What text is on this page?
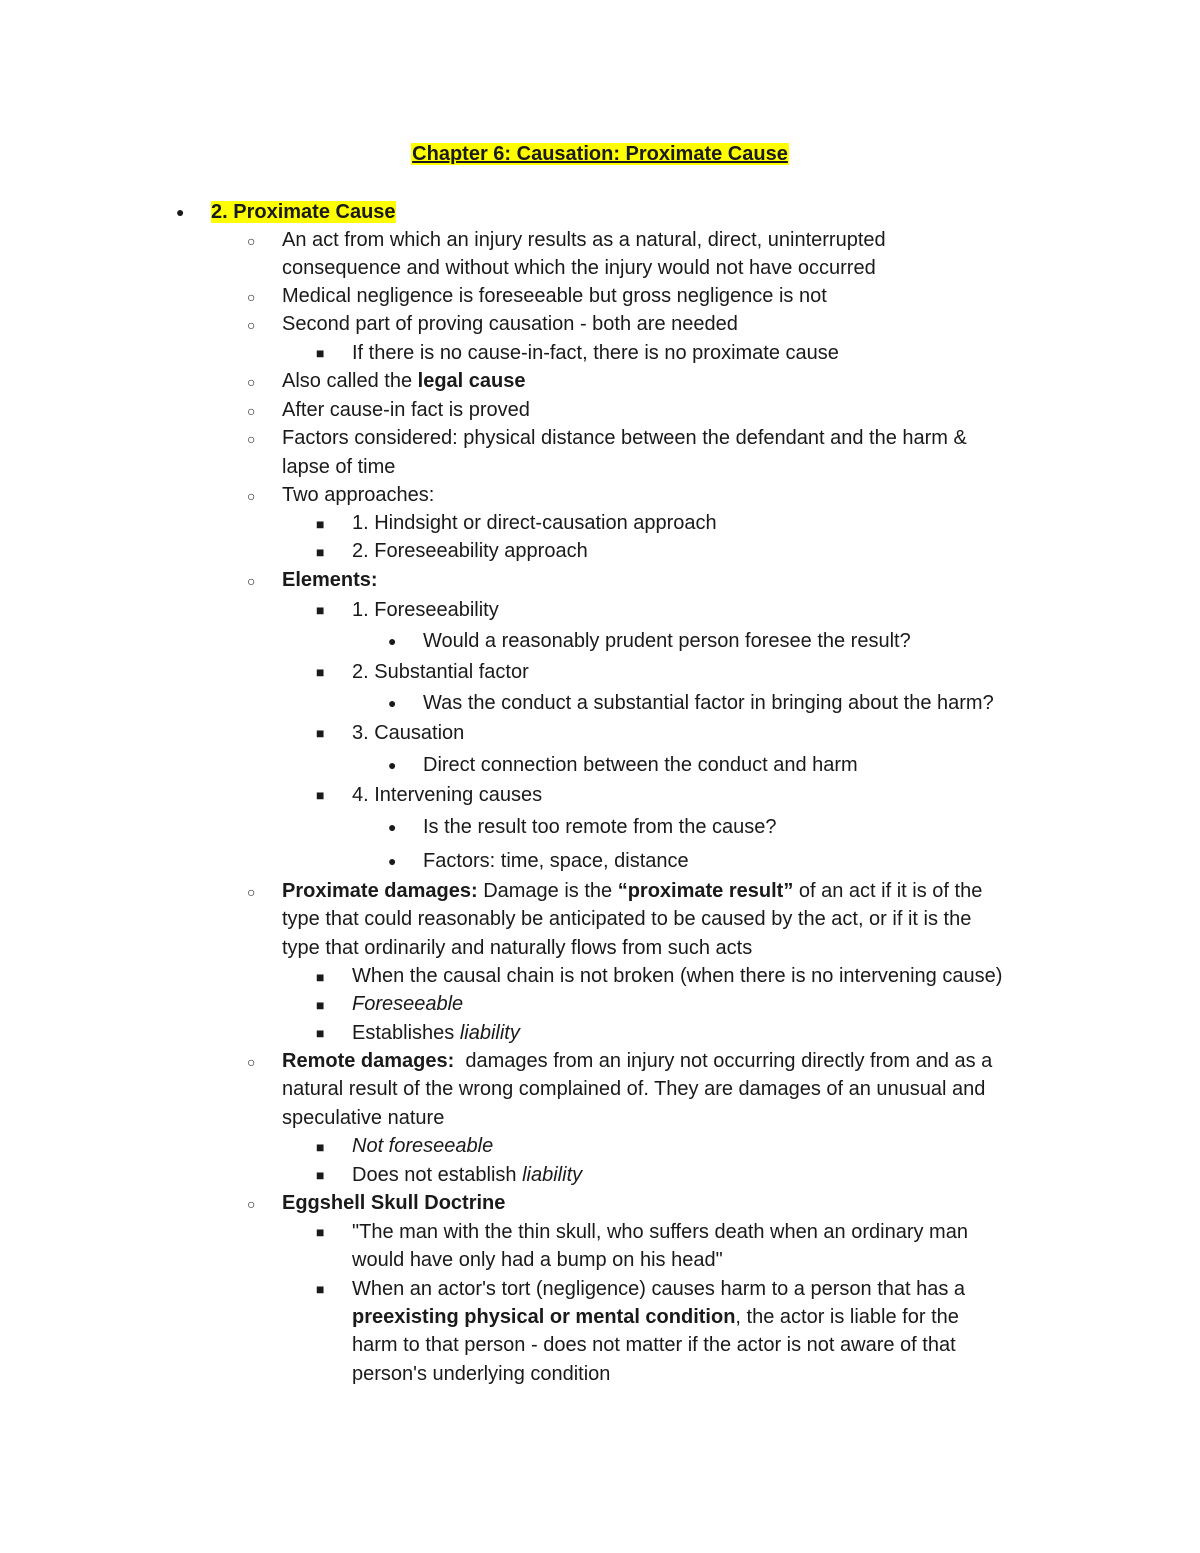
Chapter 6: Causation: Proximate Cause
● 2. Proximate Cause
○ An act from which an injury results as a natural, direct, uninterrupted
consequence and without which the injury would not have occurred
○ Medical negligence is foreseeable but gross negligence is not
○ Second part of proving causation - both are needed
■ If there is no cause-in-fact, there is no proximate cause
○ Also called the legal cause
○ After cause-in fact is proved
○ Factors considered: physical distance between the defendant and the harm &
lapse of time
○ Two approaches:
■ 1. Hindsight or direct-causation approach
■ 2. Foreseeability approach
○ Elements:
■ 1. Foreseeability
● Would a reasonably prudent person foresee the result?
■ 2. Substantial factor
● Was the conduct a substantial factor in bringing about the harm?
■ 3. Causation
● Direct connection between the conduct and harm
■ 4. Intervening causes
● Is the result too remote from the cause?
● Factors: time, space, distance
○ Proximate damages: Damage is the “proximate result” of an act if it is of the
type that could reasonably be anticipated to be caused by the act, or if it is the
type that ordinarily and naturally flows from such acts
■ When the causal chain is not broken (when there is no intervening cause)
■ Foreseeable
■ Establishes liability
○ Remote damages:  damages from an injury not occurring directly from and as a
natural result of the wrong complained of. They are damages of an unusual and
speculative nature
■ Not foreseeable
■ Does not establish liability
○ Eggshell Skull Doctrine
■ "The man with the thin skull, who suffers death when an ordinary man
would have only had a bump on his head"
■ When an actor's tort (negligence) causes harm to a person that has a
preexisting physical or mental condition, the actor is liable for the
harm to that person - does not matter if the actor is not aware of that
person's underlying condition
